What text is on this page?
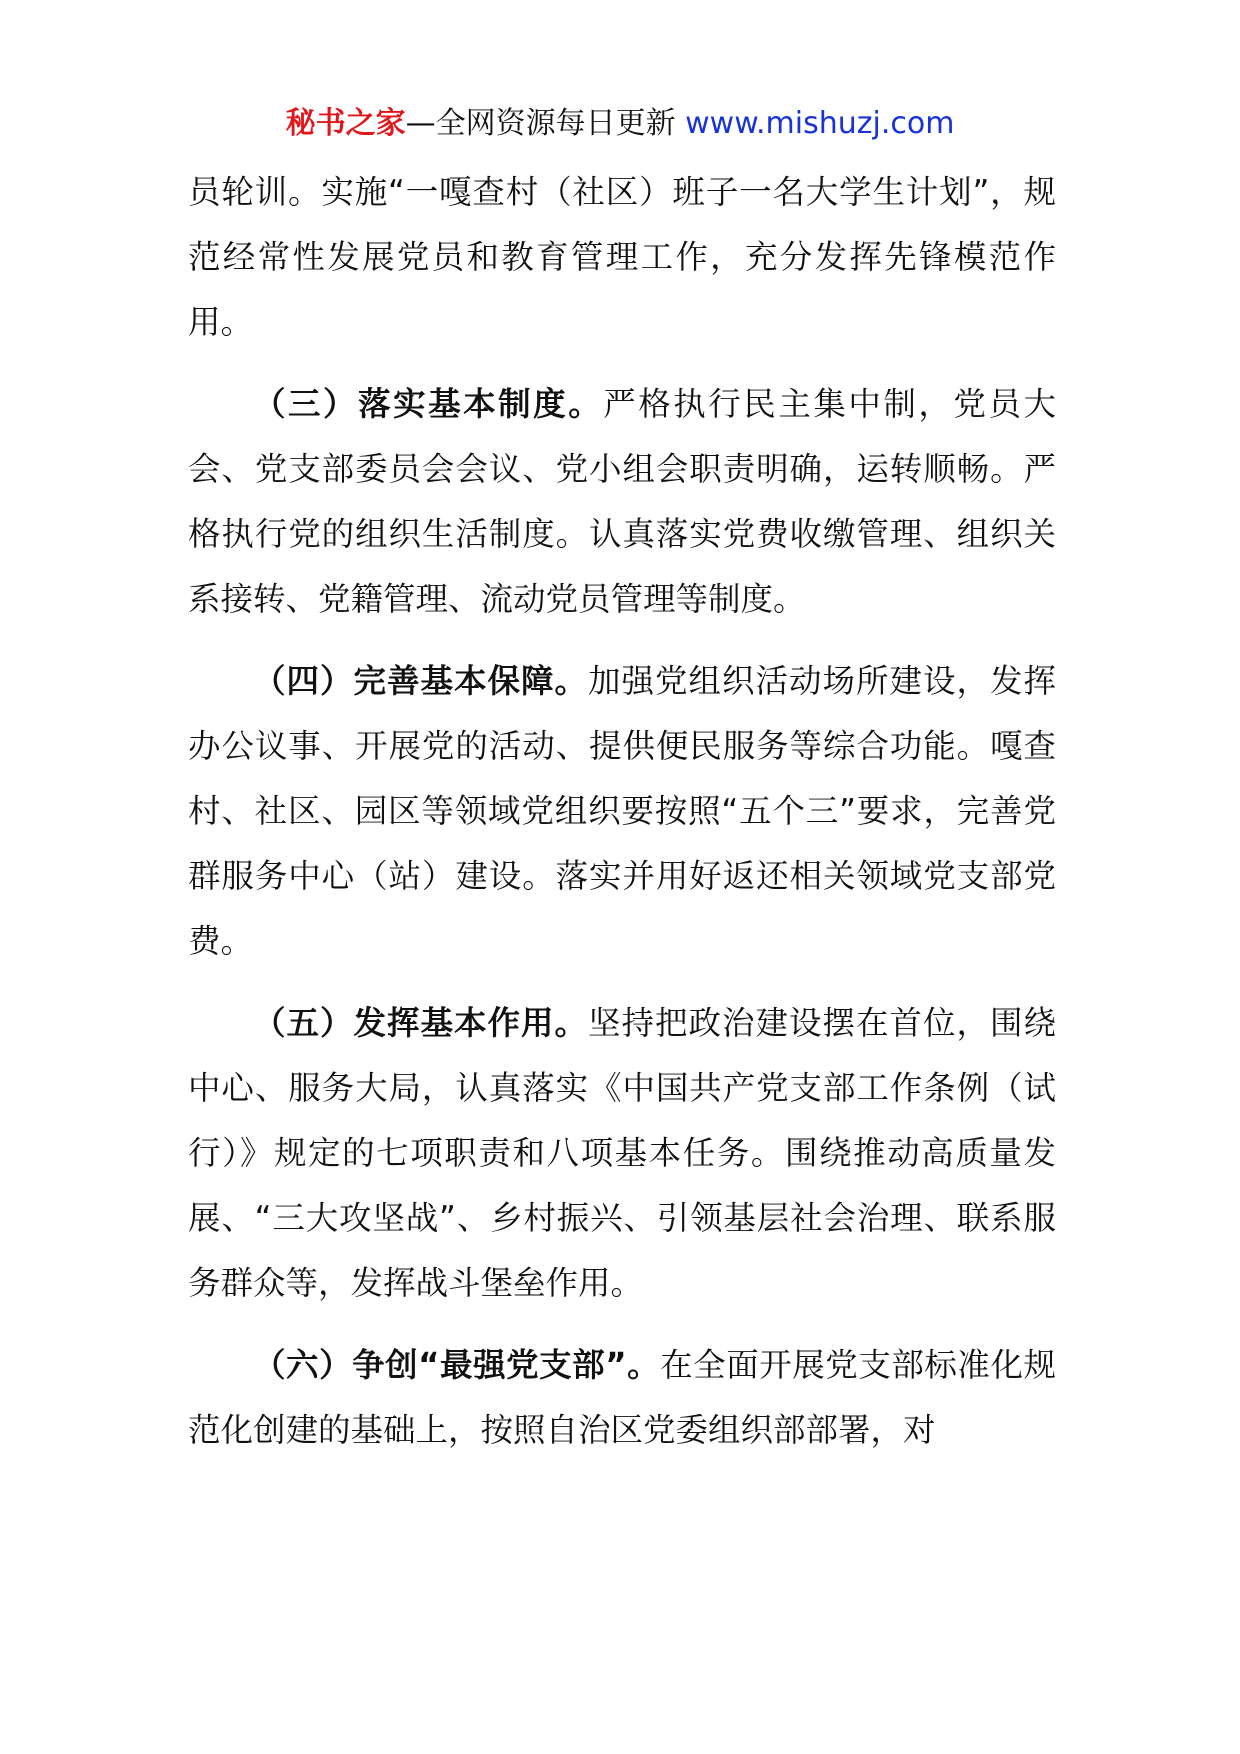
秘书之家—全网资源每日更新 www.mishuzj.com

员轮训。实施“一嘎查村（社区）班子一名大学生计划”，规范经常性发展党员和教育管理工作，充分发挥先锋模范作用。

（三）落实基本制度。严格执行民主集中制，党员大会、党支部委员会会议、党小组会职责明确，运转顺畅。严格执行党的组织生活制度。认真落实党费收缴管理、组织关系接转、党籍管理、流动党员管理等制度。

（四）完善基本保障。加强党组织活动场所建设，发挥办公议事、开展党的活动、提供便民服务等综合功能。嘎查村、社区、园区等领域党组织要按照“五个三”要求，完善党群服务中心（站）建设。落实并用好返还相关领域党支部党费。

（五）发挥基本作用。坚持把政治建设摆在首位，围绕中心、服务大局，认真落实《中国共产党支部工作条例（试行）》规定的七项职责和八项基本任务。围绕推动高质量发展、“三大攻坚战”、乡村振兴、引领基层社会治理、联系服务群众等，发挥战斗堡垒作用。

（六）争创“最强党支部”。在全面开展党支部标准化规范化创建的基础上，按照自治区党委组织部部署，对
